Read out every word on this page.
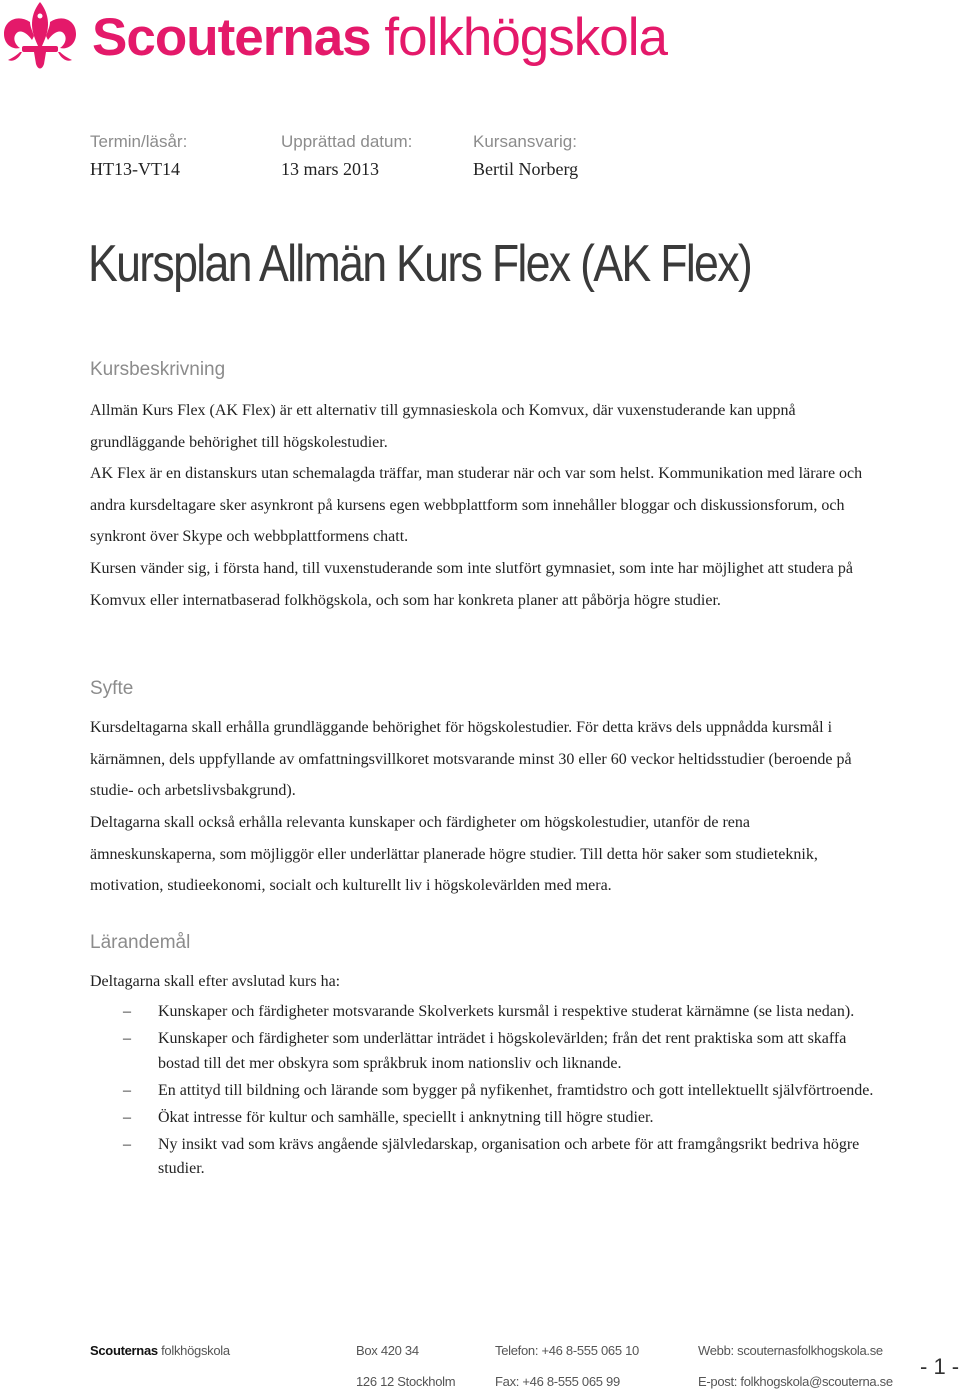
Scouternas folkhögskola
Termin/läsår:
HT13-VT14
Upprättad datum:
13 mars 2013
Kursansvarig:
Bertil Norberg
Kursplan Allmän Kurs Flex (AK Flex)
Kursbeskrivning
Allmän Kurs Flex (AK Flex) är ett alternativ till gymnasieskola och Komvux, där vuxenstuderande kan uppnå grundläggande behörighet till högskolestudier.
AK Flex är en distanskurs utan schemalagda träffar, man studerar när och var som helst. Kommunikation med lärare och andra kursdeltagare sker asynkront på kursens egen webbplattform som innehåller bloggar och diskussionsforum, och synkront över Skype och webbplattformens chatt.
Kursen vänder sig, i första hand, till vuxenstuderande som inte slutfört gymnasiet, som inte har möjlighet att studera på Komvux eller internatbaserad folkhögskola, och som har konkreta planer att påbörja högre studier.
Syfte
Kursdeltagarna skall erhålla grundläggande behörighet för högskolestudier. För detta krävs dels uppnådda kursmål i kärnämnen, dels uppfyllande av omfattningsvillkoret motsvarande minst 30 eller 60 veckor heltidsstudier (beroende på studie- och arbetslivsbakgrund).
Deltagarna skall också erhålla relevanta kunskaper och färdigheter om högskolestudier, utanför de rena ämneskunskaperna, som möjliggör eller underlättar planerade högre studier. Till detta hör saker som studieteknik, motivation, studieekonomi, socialt och kulturellt liv i högskolevärlden med mera.
Lärandemål
Deltagarna skall efter avslutad kurs ha:
– Kunskaper och färdigheter motsvarande Skolverkets kursmål i respektive studerat kärnämne (se lista nedan).
– Kunskaper och färdigheter som underlättar inträdet i högskolevärlden; från det rent praktiska som att skaffa bostad till det mer obskyra som språkbruk inom nationsliv och liknande.
– En attityd till bildning och lärande som bygger på nyfikenhet, framtidstro och gott intellektuellt självförtroende.
– Ökat intresse för kultur och samhälle, speciellt i anknytning till högre studier.
– Ny insikt vad som krävs angående självledarskap, organisation och arbete för att framgångsrikt bedriva högre studier.
Scouternas folkhögskola	Box 420 34
126 12 Stockholm
Telefon: +46 8-555 065 10
Fax: +46 8-555 065 99
Webb: scouternasfolkhogskola.se
E-post: folkhogskola@scouterna.se
- 1 -
